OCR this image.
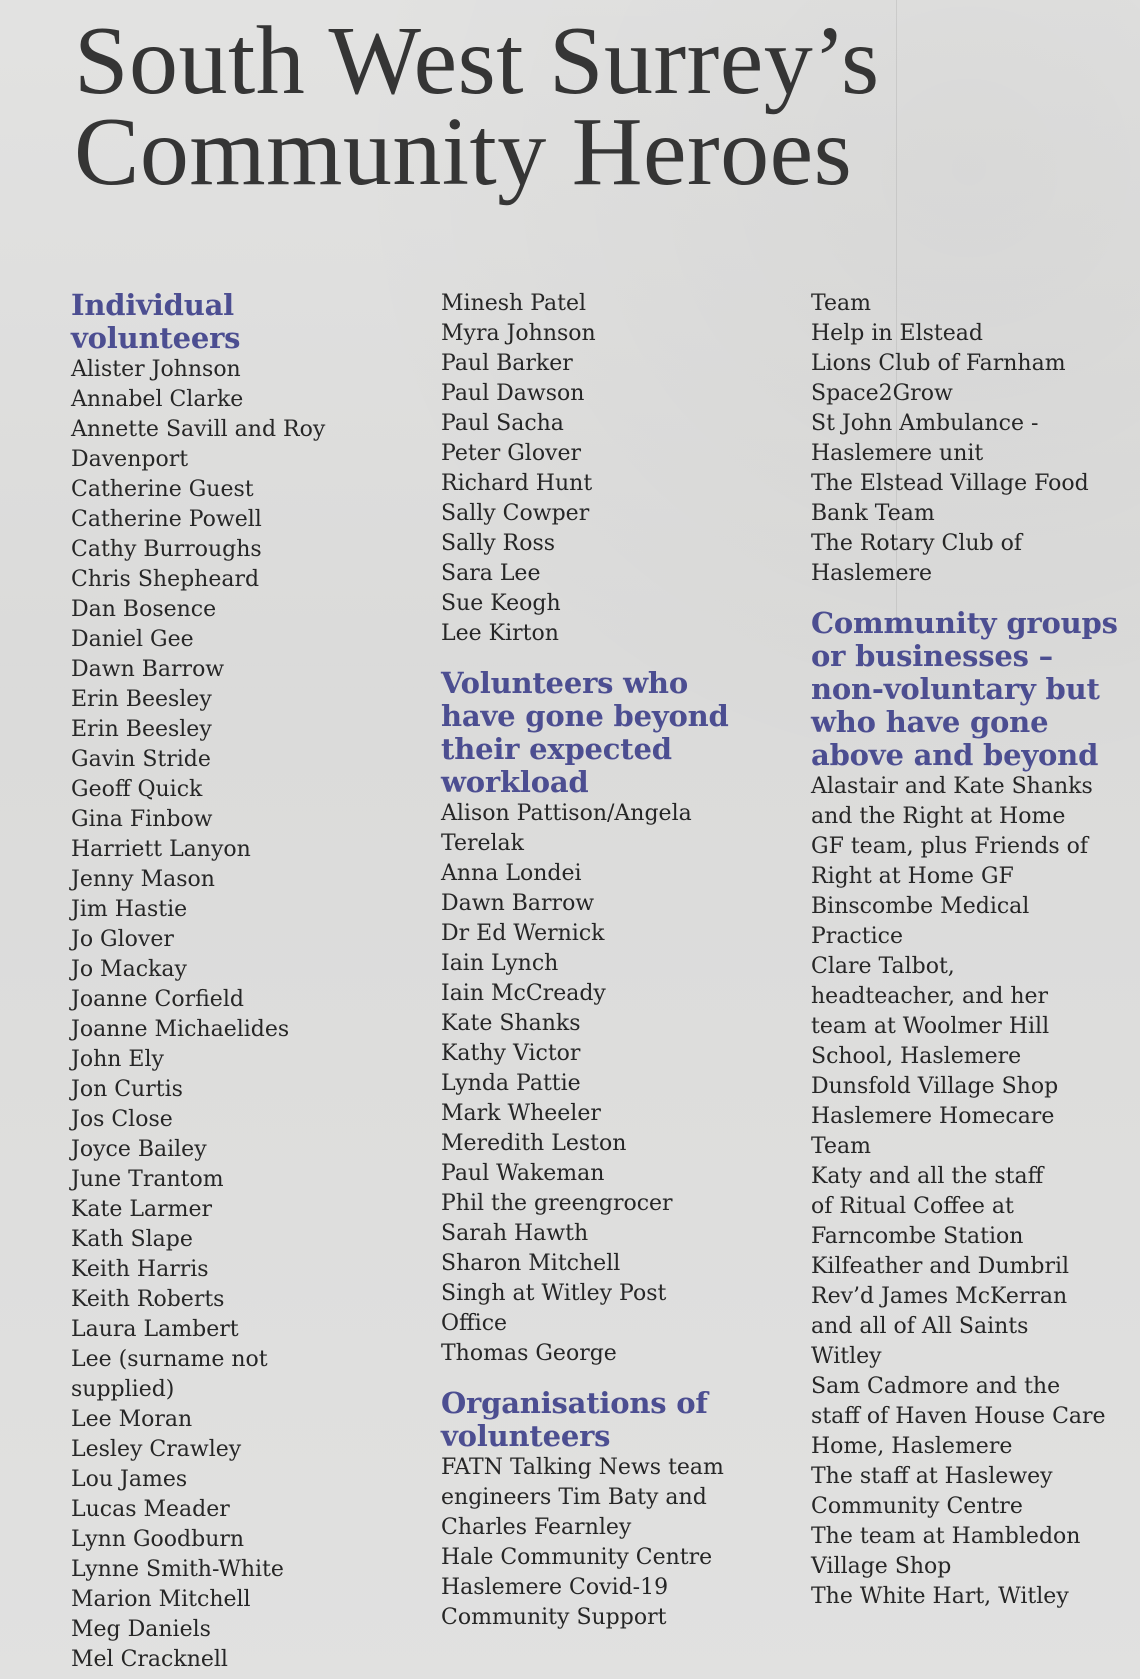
South West Surrey’s
Community Heroes
Individual volunteers
Alister Johnson
Annabel Clarke
Annette Savill and Roy
Davenport
Catherine Guest
Catherine Powell
Cathy Burroughs
Chris Shepheard
Dan Bosence
Daniel Gee
Dawn Barrow
Erin Beesley
Erin Beesley
Gavin Stride
Geoff Quick
Gina Finbow
Harriett Lanyon
Jenny Mason
Jim Hastie
Jo Glover
Jo Mackay
Joanne Corfield
Joanne Michaelides
John Ely
Jon Curtis
Jos Close
Joyce Bailey
June Trantom
Kate Larmer
Kath Slape
Keith Harris
Keith Roberts
Laura Lambert
Lee (surname not
supplied)
Lee Moran
Lesley Crawley
Lou James
Lucas Meader
Lynn Goodburn
Lynne Smith-White
Marion Mitchell
Meg Daniels
Mel Cracknell
Minesh Patel
Myra Johnson
Paul Barker
Paul Dawson
Paul Sacha
Peter Glover
Richard Hunt
Sally Cowper
Sally Ross
Sara Lee
Sue Keogh
Lee Kirton
Volunteers who have gone beyond their expected workload
Alison Pattison/Angela
Terelak
Anna Londei
Dawn Barrow
Dr Ed Wernick
Iain Lynch
Iain McCready
Kate Shanks
Kathy Victor
Lynda Pattie
Mark Wheeler
Meredith Leston
Paul Wakeman
Phil the greengrocer
Sarah Hawth
Sharon Mitchell
Singh at Witley Post
Office
Thomas George
Organisations of volunteers
FATN Talking News team
engineers Tim Baty and
Charles Fearnley
Hale Community Centre
Haslemere Covid-19
Community Support
Team
Help in Elstead
Lions Club of Farnham
Space2Grow
St John Ambulance -
Haslemere unit
The Elstead Village Food
Bank Team
The Rotary Club of
Haslemere
Community groups or businesses – non-voluntary but who have gone above and beyond
Alastair and Kate Shanks
and the Right at Home
GF team, plus Friends of
Right at Home GF
Binscombe Medical
Practice
Clare Talbot,
headteacher, and her
team at Woolmer Hill
School, Haslemere
Dunsfold Village Shop
Haslemere Homecare
Team
Katy and all the staff
of Ritual Coffee at
Farncombe Station
Kilfeather and Dumbril
Rev’d James McKerran
and all of All Saints
Witley
Sam Cadmore and the
staff of Haven House Care
Home, Haslemere
The staff at Haslewey
Community Centre
The team at Hambledon
Village Shop
The White Hart, Witley
